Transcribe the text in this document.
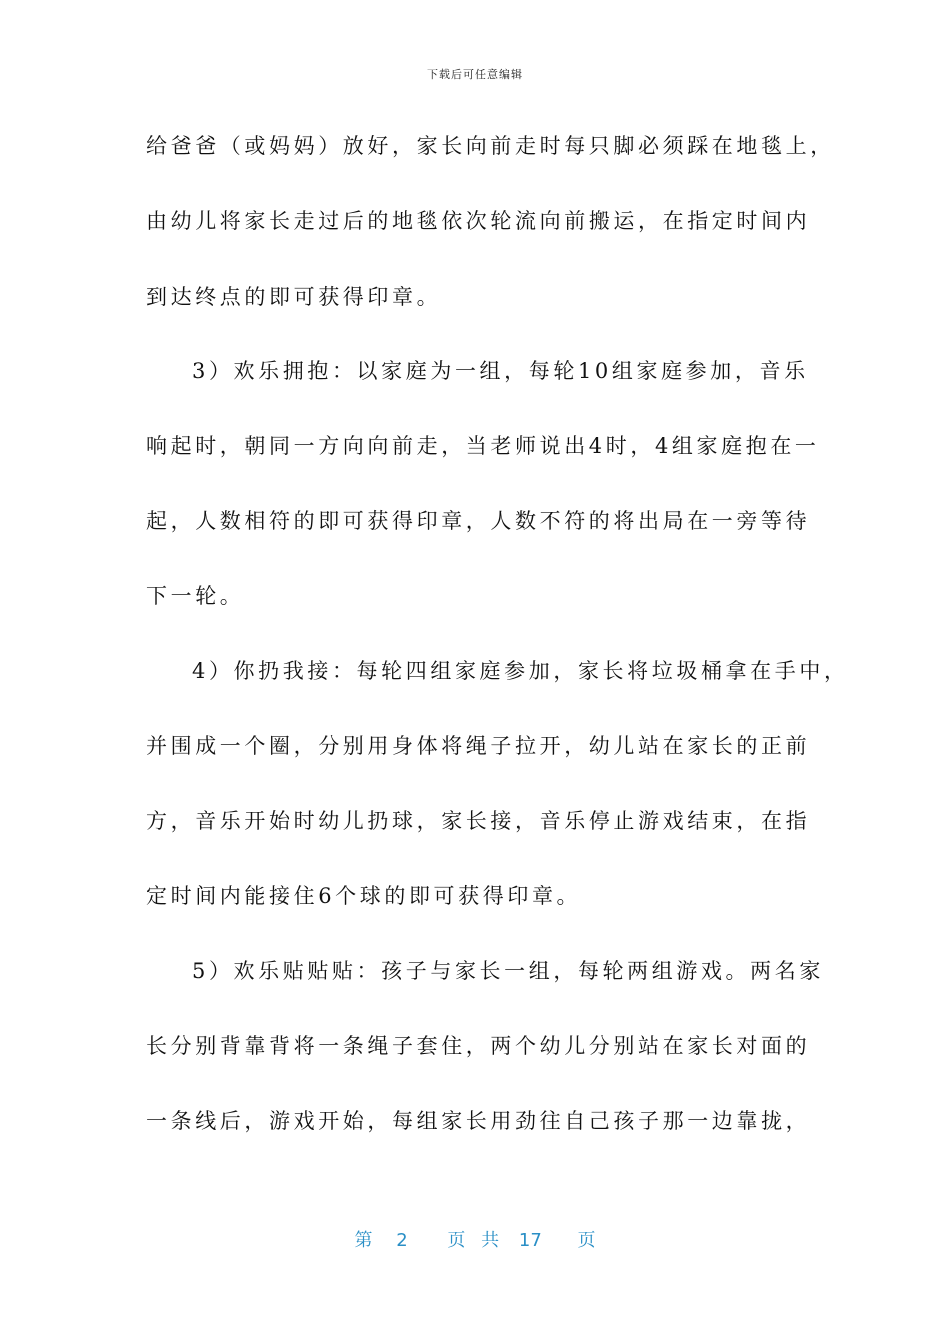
下载后可任意编辑
给爸爸（或妈妈）放好，家长向前走时每只脚必须踩在地毯上，
由幼儿将家长走过后的地毯依次轮流向前搬运，在指定时间内
到达终点的即可获得印章。
3）欢乐拥抱：以家庭为一组，每轮10组家庭参加，音乐
响起时，朝同一方向向前走，当老师说出4时，4组家庭抱在一
起，人数相符的即可获得印章，人数不符的将出局在一旁等待
下一轮。
4）你扔我接：每轮四组家庭参加，家长将垃圾桶拿在手中，
并围成一个圈，分别用身体将绳子拉开，幼儿站在家长的正前
方，音乐开始时幼儿扔球，家长接，音乐停止游戏结束，在指
定时间内能接住6个球的即可获得印章。
5）欢乐贴贴贴：孩子与家长一组，每轮两组游戏。两名家
长分别背靠背将一条绳子套住，两个幼儿分别站在家长对面的
一条线后，游戏开始，每组家长用劲往自己孩子那一边靠拢，
第 2 页 共 17 页
